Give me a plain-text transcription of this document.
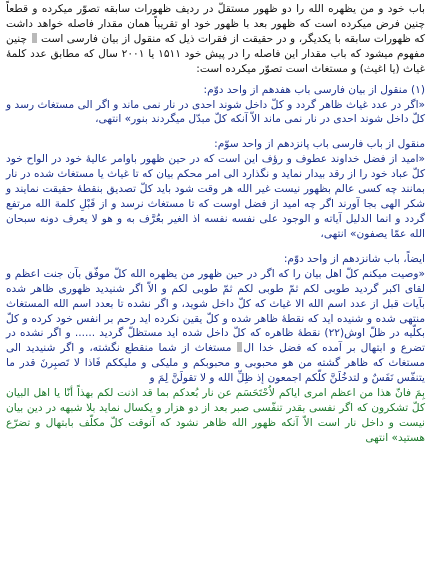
باب خود و من يظهره الله را دو ظهور مستقلّ در رديف ظهورات سابقه تصوّر میکرده و قطعاً چنين فرض ميکرده است که ظهور بعد با ظهور خود او تقريباً همان مقدار فاصله خواهد داشت که ظهورات سابقه با يکديگر، و در حقيقت از فقرات ذيل که منقول از بيان فارسی است  چنين مفهوم ميشود که باب مقدار اين فاصله را در پيش خود ۱۵۱۱ يا ۲۰۰۱ سال که مطابق عدد کلمهٔ غياث (يا اغيث) و مستغاث است تصوّر ميکرده است:

(١) منقول از بيان فارسی باب هفدهم از واحد دوّم:

«اگر در عدد غياث ظاهر گردد و کلّ داخل شوند احدی در نار نمی ماند و اگر الی مستغاث رسد و کلّ داخل شوند احدی در نار نمی ماند الاّ آنکه کلّ مبدّل ميگردند بنور» انتهی،

منقول از باب فارسی باب پانزدهم از واحد سوّم:

«اميد از فضل خداوند عطوف و رؤف اين است که در حين ظهور باوامر عاليهٔ خود در الواح خود کلّ عباد خود را از رقد بيدار نمايد و نگذارد الی امر محکم بيان که تا غياث يا مستغاث شده در نار بمانند چه کسی عالم بظهور نيست غير الله هر وقت شود بايد کلّ تصديق بنقطهٔ حقيقت نمايند و شکر الهی بجا آورند اگر چه اميد از فضل اوست که تا مستغاث نرسد و از قَبْلِ کلمة الله مرتفع گردد و انما الدليل آياته و الوجود علی نفسه نفسه اذ الغير بعُرَّف به و هو لا يعرف دونه سبحان الله عمّا يصفون» انتهی،

ايضاً، باب شانزدهم از واحد دوّم:

«وصيت ميکنم کلّ اهل بيان را که اگر در حين ظهور من يظهره الله کلّ موفّق بآن جنت اعظم و لقای اکبر گرديد طوبی لکم ثمّ طوبی لکم ثمّ طوبی لکم و الاّ اگر شنيديد ظهوری ظاهر شده بآيات قبل از عدد اسم الله الا غياث که کلّ داخل شويد، و اگر نشده تا بعدد اسم الله المستغاث منتهی شده و شنيده ايد که نقطهٔ ظاهر شده و کلّ يقين نکرده ايد رحم بر انفس خود کرده و کلّ بکلّيه در ظلّ اوش(۲۲) نقطهٔ ظاهره که کلّ داخل شده ايد مستظلّ گرديد ...... و اگر نشده در تضرع و ابتهال بر آمده که فضل خدا ال مستغاث از شما منقطع نگشته، و اگر شنيديد الی مستغاث که ظاهر گشته من هو محبوبی و محبوبکم و مليکی و مليککم فَاذا لا تَصبِرنَ قدر ما يتنفّس نَفَسٌ و لتدخُلَنَّ کلّکم اجمعون إذ ظِلِّ الله و لا تقولَنَّ لِمَ و

بِمَ فانّ هذا من اعظم امری اياکم لاُحْتَحَسَم عن نار بُعدکم بما قد اذنت لکم بهذاً أنّا يا اهل البيان کلّ تشکرون که اگر نفسی بقدر تنفّسی صبر بعد از دو هزار و يکسال نمايد بلا شبهه در دين بيان نيست و داخل نار است الاّ آنکه ظهور الله ظاهر نشود که آنوقت کلّ مکلّف بابتهال و تضرّع هستيد» انتهی
